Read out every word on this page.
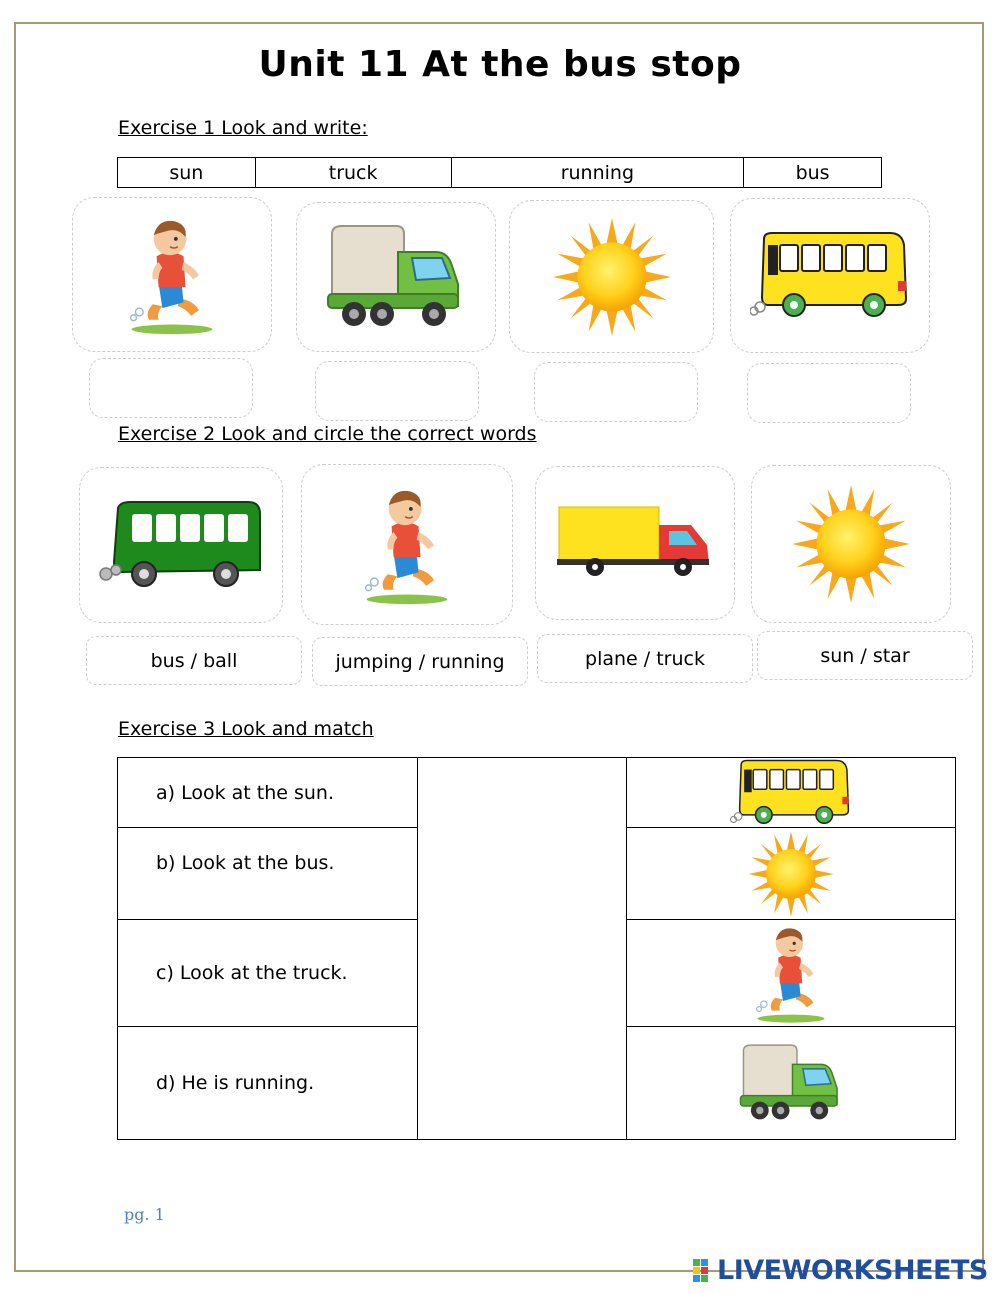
Unit 11 At the bus stop
Exercise 1 Look and write:
sun	truck	running	bus
Exercise 2 Look and circle the correct words
bus / ball	jumping / running	plane / truck	sun / star
Exercise 3 Look and match
a) Look at the sun.		

b) Look at the bus.	

c) Look at the truck.	

d) He is running.	
pg. 1
LIVEWORKSHEETS
